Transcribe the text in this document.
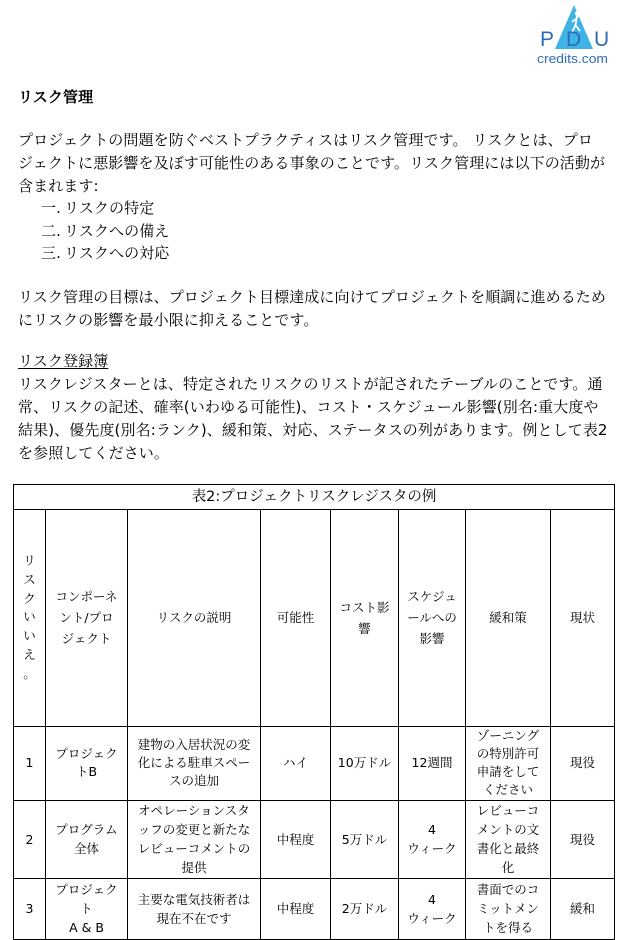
P D U
credits.com
リスク管理

プロジェクトの問題を防ぐベストプラクティスはリスク管理です。 リスクとは、プロ
ジェクトに悪影響を及ぼす可能性のある事象のことです。リスク管理には以下の活動が
含まれます:

一. リスクの特定
二. リスクへの備え
三. リスクへの対応

リスク管理の目標は、プロジェクト目標達成に向けてプロジェクトを順調に進めるため
にリスクの影響を最小限に抑えることです。

リスク登録簿

リスクレジスターとは、特定されたリスクのリストが記されたテーブルのことです。通
常、リスクの記述、確率(いわゆる可能性)、コスト・スケジュール影響(別名:重大度や
結果)、優先度(別名:ランク)、緩和策、対応、ステータスの列があります。例として表2
を参照してください。

表2:プロジェクトリスクレジスタの例							

リスクいいえ。	コンポーネ
ント/プロ
ジェクト	リスクの説明	可能性	コスト影
響	スケジュ
ールへの
影響	緩和策	現状
1	プロジェク
トB	建物の入居状況の変
化による駐車スペー
スの追加	ハイ	10万ドル	12週間	ゾーニング
の特別許可
申請をして
ください	現役
2	プログラム
全体	オペレーションスタ
ッフの変更と新たな
レビューコメントの
提供	中程度	5万ドル	4
ウィーク	レビューコ
メントの文
書化と最終
化	現役
3	プロジェク
ト
A & B	主要な電気技術者は
現在不在です	中程度	2万ドル	4
ウィーク	書面でのコ
ミットメン
トを得る	緩和
